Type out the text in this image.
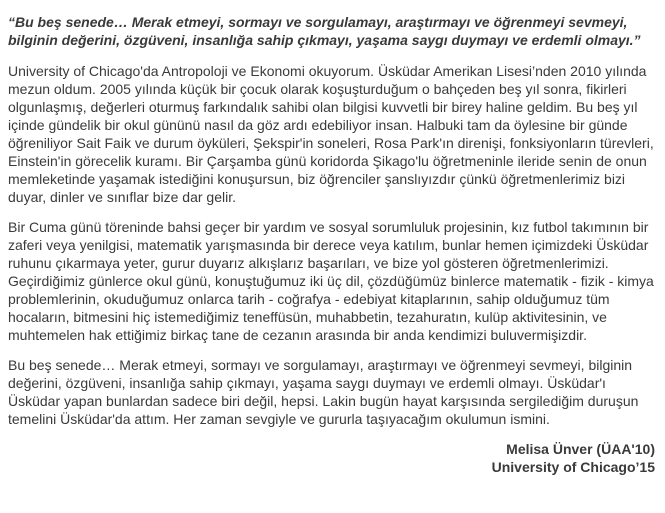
“Bu beş senede… Merak etmeyi, sormayı ve sorgulamayı, araştırmayı ve öğrenmeyi sevmeyi, bilginin değerini, özgüveni, insanlığa sahip çıkmayı, yaşama saygı duymayı ve erdemli olmayı.”

University of Chicago'da Antropoloji ve Ekonomi okuyorum. Üsküdar Amerikan Lisesi’nden 2010 yılında mezun oldum. 2005 yılında küçük bir çocuk olarak koşuşturduğum o bahçeden beş yıl sonra, fikirleri olgunlaşmış, değerleri oturmuş farkındalık sahibi olan bilgisi kuvvetli bir birey haline geldim. Bu beş yıl içinde gündelik bir okul gününü nasıl da göz ardı edebiliyor insan. Halbuki tam da öylesine bir günde öğreniliyor Sait Faik ve durum öyküleri, Şekspir'in soneleri, Rosa Park'ın direnişi, fonksiyonların türevleri, Einstein'in görecelik kuramı. Bir Çarşamba günü koridorda Şikago'lu öğretmeninle ileride senin de onun memleketinde yaşamak istediğini konuşursun, biz öğrenciler şanslıyızdır çünkü öğretmenlerimiz bizi duyar, dinler ve sınıflar bize dar gelir.

Bir Cuma günü töreninde bahsi geçer bir yardım ve sosyal sorumluluk projesinin, kız futbol takımının bir zaferi veya yenilgisi, matematik yarışmasında bir derece veya katılım, bunlar hemen içimizdeki Üsküdar ruhunu çıkarmaya yeter, gurur duyarız alkışlarız başarıları, ve bize yol gösteren öğretmenlerimizi. Geçirdiğimiz günlerce okul günü, konuştuğumuz iki üç dil, çözdüğümüz binlerce matematik - fizik - kimya problemlerinin, okuduğumuz onlarca tarih - coğrafya - edebiyat kitaplarının, sahip olduğumuz tüm hocaların, bitmesini hiç istemediğimiz teneffüsün, muhabbetin, tezahuratın, kulüp aktivitesinin, ve muhtemelen hak ettiğimiz birkaç tane de cezanın arasında bir anda kendimizi buluvermişizdir.

Bu beş senede… Merak etmeyi, sormayı ve sorgulamayı, araştırmayı ve öğrenmeyi sevmeyi, bilginin değerini, özgüveni, insanlığa sahip çıkmayı, yaşama saygı duymayı ve erdemli olmayı. Üsküdar'ı Üsküdar yapan bunlardan sadece biri değil, hepsi. Lakin bugün hayat karşısında sergilediğim duruşun temelini Üsküdar'da attım. Her zaman sevgiyle ve gururla taşıyacağım okulumun ismini.

Melisa Ünver (ÜAA'10)
University of Chicago’15
